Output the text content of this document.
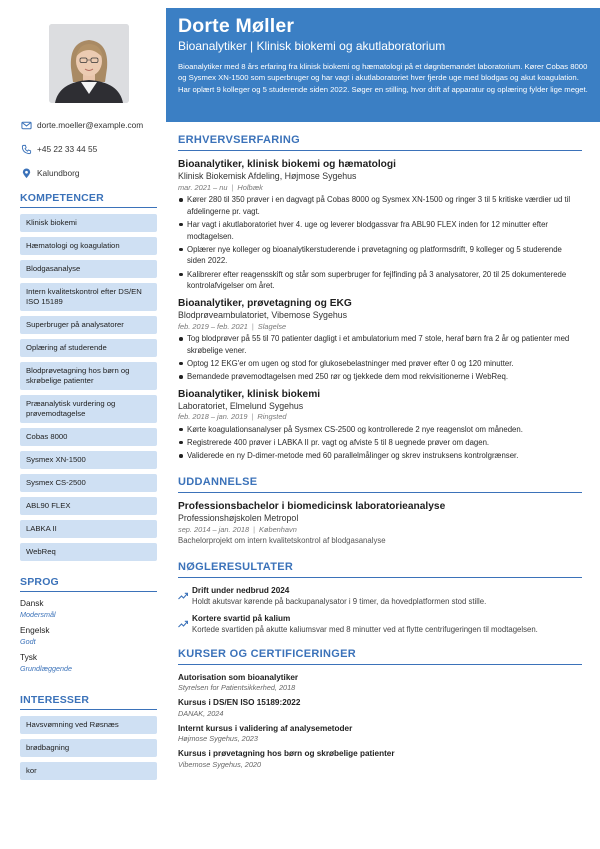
dorte.moeller@example.com
+45 22 33 44 55
Kalundborg
KOMPETENCER
Klinisk biokemi
Hæmatologi og koagulation
Blodgasanalyse
Intern kvalitetskontrol efter DS/EN ISO 15189
Superbruger på analysatorer
Oplæring af studerende
Blodprøvetagning hos børn og skrøbelige patienter
Præanalytisk vurdering og prøvemodtagelse
Cobas 8000
Sysmex XN-1500
Sysmex CS-2500
ABL90 FLEX
LABKA II
WebReq
SPROG
Dansk
Modersmål
Engelsk
Godt
Tysk
Grundlæggende
INTERESSER
Havsvømning ved Røsnæs
brødbagning
kor
Dorte Møller
Bioanalytiker | Klinisk biokemi og akutlaboratorium
Bioanalytiker med 8 års erfaring fra klinisk biokemi og hæmatologi på et døgnbemandet laboratorium. Kører Cobas 8000 og Sysmex XN-1500 som superbruger og har vagt i akutlaboratoriet hver fjerde uge med blodgas og akut koagulation. Har oplært 9 kolleger og 5 studerende siden 2022. Søger en stilling, hvor drift af apparatur og oplæring fylder lige meget.
ERHVERVSERFARING
Bioanalytiker, klinisk biokemi og hæmatologi
Klinisk Biokemisk Afdeling, Højmose Sygehus
mar. 2021 – nu | Holbæk
Kører 280 til 350 prøver i en dagvagt på Cobas 8000 og Sysmex XN-1500 og ringer 3 til 5 kritiske værdier ud til afdelingerne pr. vagt.
Har vagt i akutlaboratoriet hver 4. uge og leverer blodgassvar fra ABL90 FLEX inden for 12 minutter efter modtagelsen.
Oplærer nye kolleger og bioanalytikerstuderende i prøvetagning og platformsdrift, 9 kolleger og 5 studerende siden 2022.
Kalibrerer efter reagensskift og står som superbruger for fejlfinding på 3 analysatorer, 20 til 25 dokumenterede kontrolafvigelser om året.
Bioanalytiker, prøvetagning og EKG
Blodprøveambulatoriet, Vibemose Sygehus
feb. 2019 – feb. 2021 | Slagelse
Tog blodprøver på 55 til 70 patienter dagligt i et ambulatorium med 7 stole, heraf børn fra 2 år og patienter med skrøbelige vener.
Optog 12 EKG'er om ugen og stod for glukosebelastninger med prøver efter 0 og 120 minutter.
Bemandede prøvemodtagelsen med 250 rør og tjekkede dem mod rekvisitionerne i WebReq.
Bioanalytiker, klinisk biokemi
Laboratoriet, Elmelund Sygehus
feb. 2018 – jan. 2019 | Ringsted
Kørte koagulationsanalyser på Sysmex CS-2500 og kontrollerede 2 nye reagenslot om måneden.
Registrerede 400 prøver i LABKA II pr. vagt og afviste 5 til 8 uegnede prøver om dagen.
Validerede en ny D-dimer-metode med 60 parallelmålinger og skrev instruksens kontrolgrænser.
UDDANNELSE
Professionsbachelor i biomedicinsk laboratorieanalyse
Professionshøjskolen Metropol
sep. 2014 – jan. 2018 | København
Bachelorprojekt om intern kvalitetskontrol af blodgasanalyse
NØGLERESULTATER
Drift under nedbrud 2024
Holdt akutsvar kørende på backupanalysator i 9 timer, da hovedplatformen stod stille.
Kortere svartid på kalium
Kortede svartiden på akutte kaliumsvar med 8 minutter ved at flytte centrifugeringen til modtagelsen.
KURSER OG CERTIFICERINGER
Autorisation som bioanalytiker
Styrelsen for Patientsikkerhed, 2018
Kursus i DS/EN ISO 15189:2022
DANAK, 2024
Internt kursus i validering af analysemetoder
Højmose Sygehus, 2023
Kursus i prøvetagning hos børn og skrøbelige patienter
Vibemose Sygehus, 2020
